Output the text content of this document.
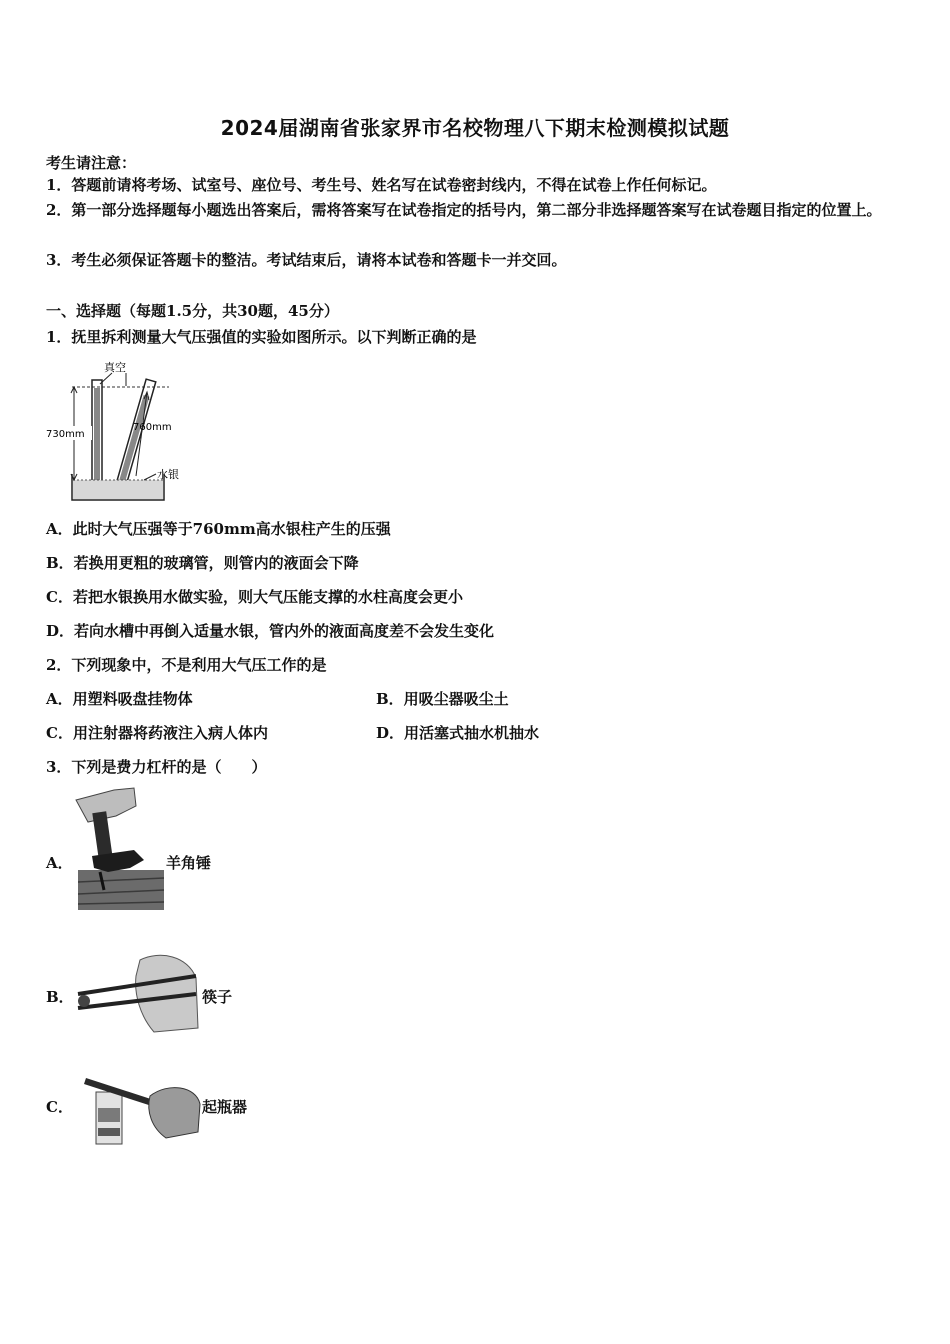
2024届湖南省张家界市名校物理八下期末检测模拟试题
考生请注意：
1．答题前请将考场、试室号、座位号、考生号、姓名写在试卷密封线内，不得在试卷上作任何标记。
2．第一部分选择题每小题选出答案后，需将答案写在试卷指定的括号内，第二部分非选择题答案写在试卷题目指定的位置上。
3．考生必须保证答题卡的整洁。考试结束后，请将本试卷和答题卡一并交回。
一、选择题（每题1.5分，共30题，45分）
1．抚里拆利测量大气压强值的实验如图所示。以下判断正确的是
730mm
760mm
真空
水银
A．此时大气压强等于760mm高水银柱产生的压强
B．若换用更粗的玻璃管，则管内的液面会下降
C．若把水银换用水做实验，则大气压能支撑的水柱高度会更小
D．若向水槽中再倒入适量水银，管内外的液面高度差不会发生变化
2．下列现象中，不是利用大气压工作的是
A．用塑料吸盘挂物体	B．用吸尘器吸尘土
C．用注射器将药液注入病人体内	D．用活塞式抽水机抽水
3．下列是费力杠杆的是（　　）
A．	羊角锤
B．	筷子
C．	起瓶器
